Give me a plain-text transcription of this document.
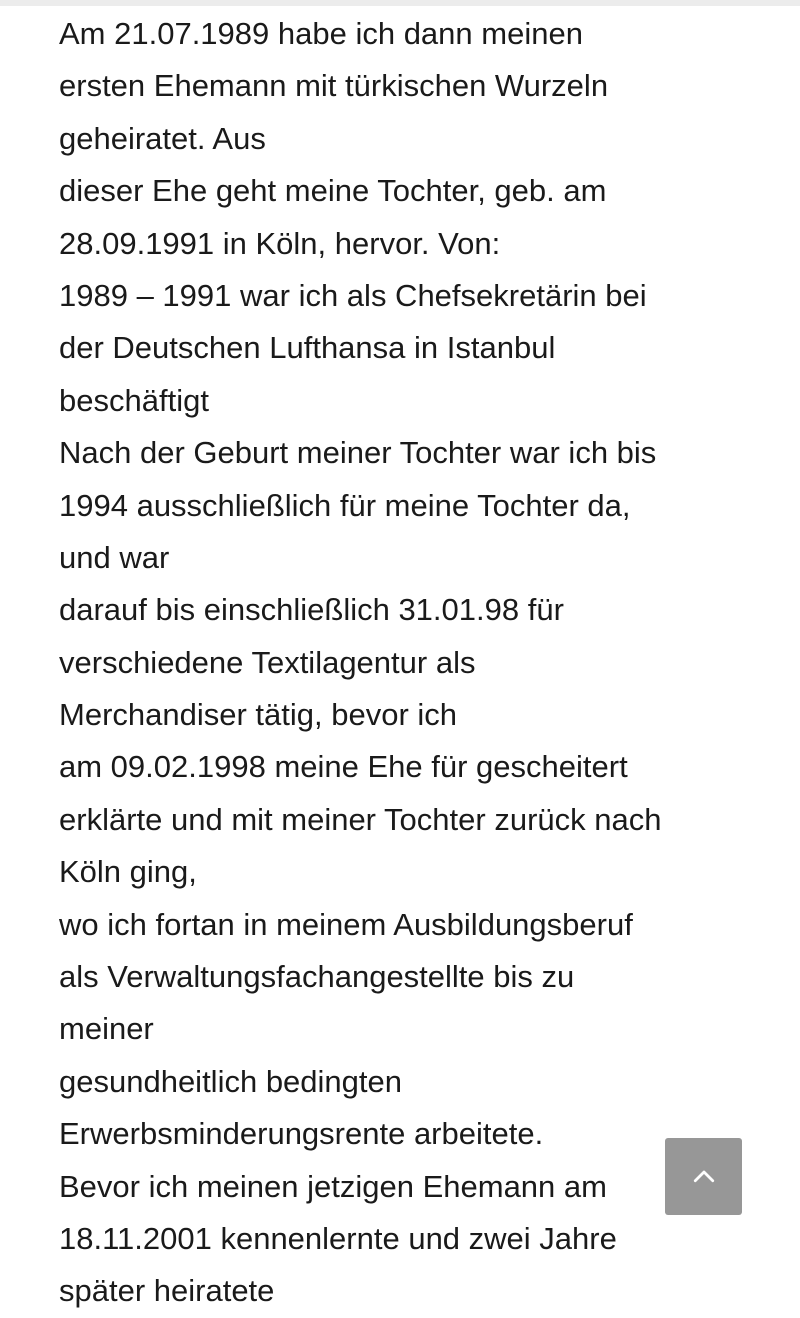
Am 21.07.1989 habe ich dann meinen
ersten Ehemann mit türkischen Wurzeln
geheiratet. Aus
dieser Ehe geht meine Tochter, geb. am
28.09.1991 in Köln, hervor. Von:
1989 – 1991 war ich als Chefsekretärin bei
der Deutschen Lufthansa in Istanbul
beschäftigt
Nach der Geburt meiner Tochter war ich bis
1994 ausschließlich für meine Tochter da,
und war
darauf bis einschließlich 31.01.98 für
verschiedene Textilagentur als
Merchandiser tätig, bevor ich
am 09.02.1998 meine Ehe für gescheitert
erklärte und mit meiner Tochter zurück nach
Köln ging,
wo ich fortan in meinem Ausbildungsberuf
als Verwaltungsfachangestellte bis zu
meiner
gesundheitlich bedingten
Erwerbsminderungsrente arbeitete.
Bevor ich meinen jetzigen Ehemann am
18.11.2001 kennenlernte und zwei Jahre
später heiratete
